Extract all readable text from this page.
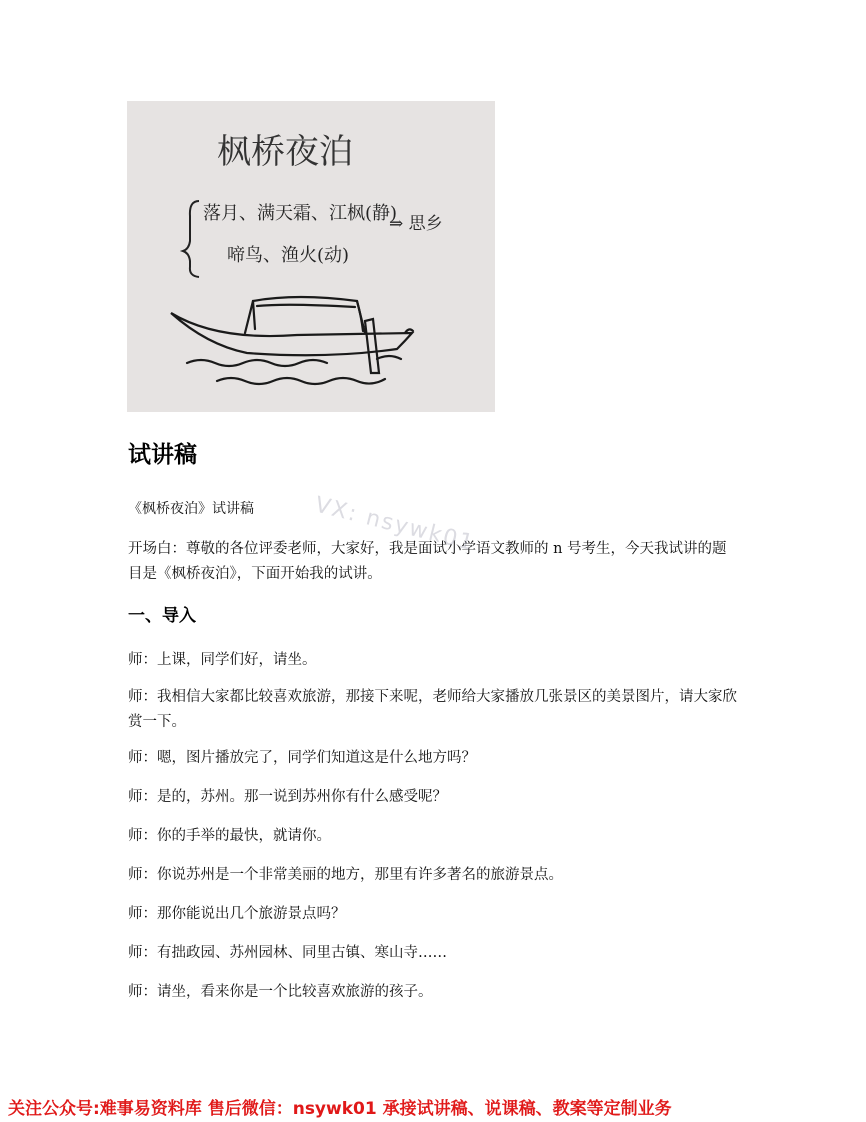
枫桥夜泊
落月、满天霜、江枫(静)
啼鸟、渔火(动)
⇒ 思乡
试讲稿

《枫桥夜泊》试讲稿

开场白：尊敬的各位评委老师，大家好，我是面试小学语文教师的 n 号考生，今天我试讲的题目是《枫桥夜泊》，下面开始我的试讲。

一、导入

师：上课，同学们好，请坐。

师：我相信大家都比较喜欢旅游，那接下来呢，老师给大家播放几张景区的美景图片，请大家欣赏一下。

师：嗯，图片播放完了，同学们知道这是什么地方吗？

师：是的，苏州。那一说到苏州你有什么感受呢？

师：你的手举的最快，就请你。

师：你说苏州是一个非常美丽的地方，那里有许多著名的旅游景点。

师：那你能说出几个旅游景点吗？

师：有拙政园、苏州园林、同里古镇、寒山寺……

师：请坐，看来你是一个比较喜欢旅游的孩子。

VX: nsywk01

关注公众号:难事易资料库 售后微信：nsywk01 承接试讲稿、说课稿、教案等定制业务
